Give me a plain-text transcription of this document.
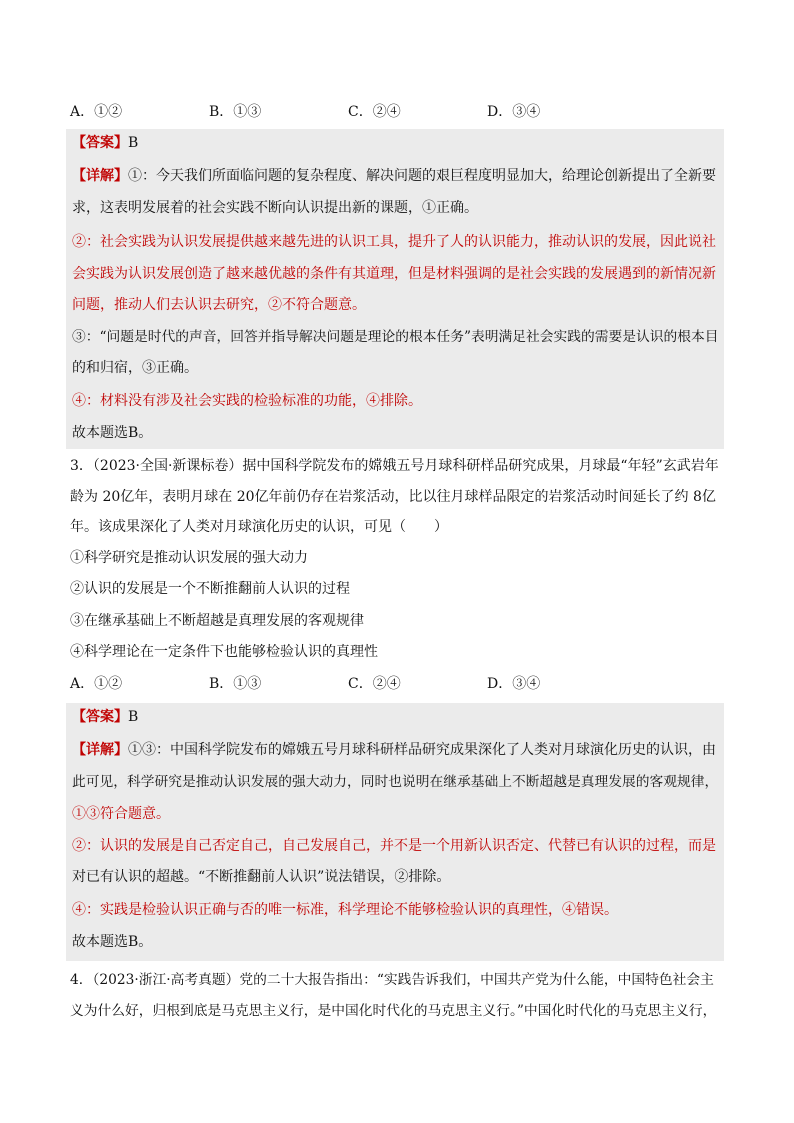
A．①②	B．①③	C．②④	D．③④
【答案】B
【详解】①：今天我们所面临问题的复杂程度、解决问题的艰巨程度明显加大，给理论创新提出了全新要
求，这表明发展着的社会实践不断向认识提出新的课题，①正确。
②：社会实践为认识发展提供越来越先进的认识工具，提升了人的认识能力，推动认识的发展，因此说社
会实践为认识发展创造了越来越优越的条件有其道理，但是材料强调的是社会实践的发展遇到的新情况新
问题，推动人们去认识去研究，②不符合题意。
③：“问题是时代的声音，回答并指导解决问题是理论的根本任务”表明满足社会实践的需要是认识的根本目
的和归宿，③正确。
④：材料没有涉及社会实践的检验标准的功能，④排除。
故本题选B。
3．（2023·全国·新课标卷）据中国科学院发布的嫦娥五号月球科研样品研究成果，月球最“年轻”玄武岩年
龄为 20亿年，表明月球在 20亿年前仍存在岩浆活动，比以往月球样品限定的岩浆活动时间延长了约 8亿
年。该成果深化了人类对月球演化历史的认识，可见（　　）
①科学研究是推动认识发展的强大动力
②认识的发展是一个不断推翻前人认识的过程
③在继承基础上不断超越是真理发展的客观规律
④科学理论在一定条件下也能够检验认识的真理性
A．①②	B．①③	C．②④	D．③④
【答案】B
【详解】①③：中国科学院发布的嫦娥五号月球科研样品研究成果深化了人类对月球演化历史的认识，由
此可见，科学研究是推动认识发展的强大动力，同时也说明在继承基础上不断超越是真理发展的客观规律，
①③符合题意。
②：认识的发展是自己否定自己，自己发展自己，并不是一个用新认识否定、代替已有认识的过程，而是
对已有认识的超越。“不断推翻前人认识”说法错误，②排除。
④：实践是检验认识正确与否的唯一标准，科学理论不能够检验认识的真理性，④错误。
故本题选B。
4．（2023·浙江·高考真题）党的二十大报告指出：“实践告诉我们，中国共产党为什么能，中国特色社会主
义为什么好，归根到底是马克思主义行，是中国化时代化的马克思主义行。”中国化时代化的马克思主义行，
